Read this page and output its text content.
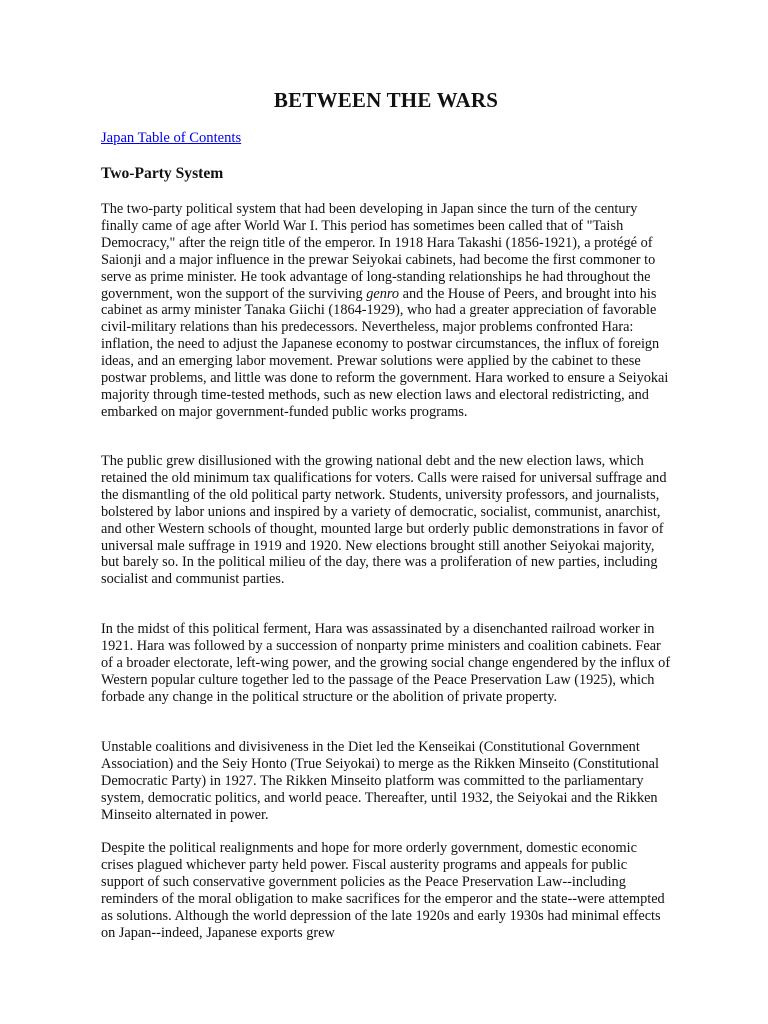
BETWEEN THE WARS
Japan Table of Contents
Two-Party System

The two-party political system that had been developing in Japan since the turn of the century finally came of age after World War I. This period has sometimes been called that of "Taish Democracy," after the reign title of the emperor. In 1918 Hara Takashi (1856-1921), a protégé of Saionji and a major influence in the prewar Seiyokai cabinets, had become the first commoner to serve as prime minister. He took advantage of long-standing relationships he had throughout the government, won the support of the surviving genro and the House of Peers, and brought into his cabinet as army minister Tanaka Giichi (1864-1929), who had a greater appreciation of favorable civil-military relations than his predecessors. Nevertheless, major problems confronted Hara: inflation, the need to adjust the Japanese economy to postwar circumstances, the influx of foreign ideas, and an emerging labor movement. Prewar solutions were applied by the cabinet to these postwar problems, and little was done to reform the government. Hara worked to ensure a Seiyokai majority through time-tested methods, such as new election laws and electoral redistricting, and embarked on major government-funded public works programs.

The public grew disillusioned with the growing national debt and the new election laws, which retained the old minimum tax qualifications for voters. Calls were raised for universal suffrage and the dismantling of the old political party network. Students, university professors, and journalists, bolstered by labor unions and inspired by a variety of democratic, socialist, communist, anarchist, and other Western schools of thought, mounted large but orderly public demonstrations in favor of universal male suffrage in 1919 and 1920. New elections brought still another Seiyokai majority, but barely so. In the political milieu of the day, there was a proliferation of new parties, including socialist and communist parties.

In the midst of this political ferment, Hara was assassinated by a disenchanted railroad worker in 1921. Hara was followed by a succession of nonparty prime ministers and coalition cabinets. Fear of a broader electorate, left-wing power, and the growing social change engendered by the influx of Western popular culture together led to the passage of the Peace Preservation Law (1925), which forbade any change in the political structure or the abolition of private property.

Unstable coalitions and divisiveness in the Diet led the Kenseikai (Constitutional Government Association) and the Seiy Honto (True Seiyokai) to merge as the Rikken Minseito (Constitutional Democratic Party) in 1927. The Rikken Minseito platform was committed to the parliamentary system, democratic politics, and world peace. Thereafter, until 1932, the Seiyokai and the Rikken Minseito alternated in power.

Despite the political realignments and hope for more orderly government, domestic economic crises plagued whichever party held power. Fiscal austerity programs and appeals for public support of such conservative government policies as the Peace Preservation Law--including reminders of the moral obligation to make sacrifices for the emperor and the state--were attempted as solutions. Although the world depression of the late 1920s and early 1930s had minimal effects on Japan--indeed, Japanese exports grew
